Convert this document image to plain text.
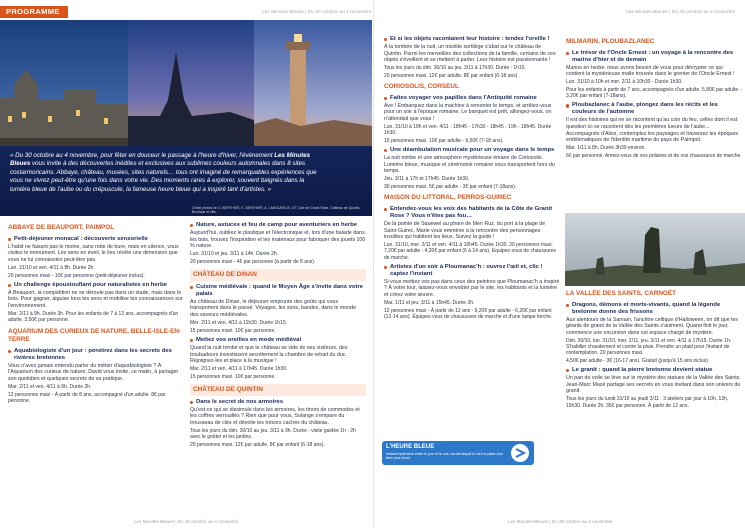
PROGRAMME	Les Minutes Bleues | Du 30 octobre au 4 novembre
« Du 30 octobre au 4 novembre, pour fêter en douceur le passage à l'heure d'hiver, l'événement Les Minutes Bleues vous invite à des découvertes inédites et exclusives aux sublimes couleurs automnales dans 8 sites costarmoricains. Abbaye, château, musées, sites naturels… tous ont imaginé de remarquables expériences que vous ne vivrez peut-être qu'une fois dans votre vie. Des moments rares à explorer, souvent baignés dans la lumière bleue de l'aube ou du crépuscule, la fameuse heure bleue qui a inspiré tant d'artistes. »
Crédit photos de G. BERTHIER, E. BERTHIER, A. LAMOUREUX, OT Côte de Granit Rose, Château de Quintin, Boutique et ville
ABBAYE DE BEAUPORT, PAIMPOL
Petit-déjeuner monacal : découverte sensorielle
L'habit ne faisant pas le moine, sans robe de bure, mais en silence, vous visitez le monument. Les sens en éveil, le lieu révèle une dimension que vous ne lui connaissiez peut-être pas.
Lun. 31/10 et ven. 4/11 à 8h. Durée 2h.
20 personnes maxi - 10€ par personne (petit-déjeuner inclus).
Un challenge époustouflant pour naturalistes en herbe
À Beauport, la compétition ne se déroule pas dans un stade, mais dans le bois. Pour gagner, aiguise tous tes sens et mobilise tes connaissances sur l'environnement.
Mar. 2/11 à 9h. Durée 3h. Pour les enfants de 7 à 12 ans, accompagnés d'un adulte. 3,50€ par personne.
AQUARIUM DES CURIEUX DE NATURE, BELLE-ISLE-EN-TERRE
Aquabiologiste d'un jour : pénétrez dans les secrets des rivières bretonnes
Vous n'avez jamais entendu parler du métier d'aquabiologiste ? À l'Aquarium des curieux de nature, David vous invite, ce matin, à partager son quotidien et quelques secrets de sa pratique.
Mar. 2/11 et ven. 4/11 à 9h. Durée 2h.
12 personnes maxi - À partir de 8 ans, accompagné d'un adulte. 8€ par personne.
Nature, astuces et feu de camp pour aventuriers en herbe
Aujourd'hui, oubliez le plastique et l'électronique et, lors d'une balade dans les bois, trouvez l'inspiration et les matériaux pour fabriquer des jouets 100 % nature.
Lun. 31/10 et jeu. 3/11 à 14h. Durée 2h.
20 personnes maxi - 4€ par personne (à partir de 8 ans).
CHÂTEAU DE DINAN
Cuisine médiévale : quand le Moyen Âge s'invite dans votre palais
Au château de Dinan, le déjeuner emprunte des goûts qui vous transportent dans le passé. Voyages, les sons, bandes, dans le monde des saveurs médiévales.
Mer. 2/11 et ven. 4/11 à 11h30. Durée 1h15.
15 personnes maxi. 10€ par personne.
Mettez vos oreilles en mode médiéval
Quand la nuit tombe et que le château se vide de ses visiteurs, des troubadours investissent secrètement la chambre de retrait du duc. Rejoignez-les et place à la musique !
Mar. 2/11 et ven. 4/11 à 17h45. Durée 1h30.
15 personnes maxi. 10€ par personne.
CHÂTEAU DE QUINTIN
Dans le secret de nos armoires
Qu'est-ce qui se dissimule dans les armoires, les tiroirs de commodes et les coffres verrouillés ? Rien que pour vous, Solange s'empare du trousseau de clés et dévoile les trésors cachés du château.
Tous les jours du dim. 30/10 au jeu. 3/11 à 9h. Durée : visite guidée 1h - 2h avec le goûter et les jardins.
20 personnes maxi. 12€ par adulte, 8€ par enfant (6-18 ans).
Les Minutes Bleues | Du 30 octobre au 4 novembre
Les Minutes Bleues | Du 30 octobre au 4 novembre
Et si les objets racontaient leur histoire : tendez l'oreille !
À la tombée de la nuit, un insolite sortilège s'abat sur le château de Quintin. Parmi les merveilles des collections de la famille, certains de ces objets s'éveillent et se mettent à parler. Leur histoire est passionnante !
Tous les jours du dim. 30/10 au jeu. 3/11 à 17h30. Durée : 1h15.
20 personnes maxi. 12€ par adulte. 8€ par enfant (6-18 ans).
CORIOSOLIS, CORSEUL
Faites voyager vos papilles dans l'Antiquité romaine
Ave ! Embarquez dans la machine à remonter le temps, et arrêtez-vous pour un soir à l'époque romaine. Le banquet est prêt, allongez-vous, on n'attendait que vous !
Lun. 31/10 à 18h et ven. 4/11 - 18h45 - 17h30 - 18h45 - 19h - 18h45. Durée 1h30.
15 personnes maxi. 10€ par adulte - 6,50€ (7-18 ans).
Une déambulation musicale pour un voyage dans le temps
La nuit tombe et une atmosphère mystérieuse émane de Coriosolis. Lumière bleue, musique et cérémonie romaine vous transportent hors du temps.
Jeu. 3/11 à 17h et 17h45. Durée 1h30.
30 personnes maxi. 5€ par adulte - 3€ par enfant (7-18ans).
MAISON DU LITTORAL, PERROS-GUIREC
Entendez-vous les voix des habitants de la Côte de Granit Rose ? Vous n'êtes pas fou…
De la pointe de Squewel au phare de Men Ruz, du port à la plage de Saint-Guirec, Marie vous emmène à la rencontre des personnages insolites qui habitent les lieux. Suivez la guide !
Lun. 31/10, mer. 2/11 et ven. 4/11 à 16h45. Durée 1h30. 20 personnes maxi. 7,20€ par adulte - 4,20€ par enfant (6 à 14 ans). Équipez-vous de chaussures de marche.
Artistes d'un soir à Ploumanac'h : ouvrez l'œil et, clic ! captez l'instant
Si vous mettiez vos pas dans ceux des peintres que Ploumanac'h a inspiré ? À votre tour, laissez-vous envoûter par le site, les habitants et la lumière et créez votre œuvre.
Mar. 1/11 et jeu. 3/11 à 15h45. Durée 2h.
12 personnes maxi - À partir de 12 ans - 9,20€ par adulte - 6,20€ par enfant (12-14 ans). Équipez-vous de chaussures de marche et d'une lampe torche.
L'HEURE BLEUE
Instant éphémère entre le jour et la nuit, durant lequel le ciel ne parle d'un bleu plus foncé.
MILMARIN, PLOUBAZLANEC
Le trésor de l'Oncle Ernest : un voyage à la rencontre des marins d'hier et de demain
Marins en herbe, nous avons besoin de vous pour décrypter ce qui contient la mystérieuse malle trouvée dans le grenier de l'Oncle Ernest !
Lun. 31/10 à 10h et mer. 2/11 à 10h30 - Durée 1h30.
Pour les enfants à partir de 7 ans, accompagnés d'un adulte. 5,80€ par adulte - 3,20€ par enfant (7-18ans).
Ploubazlanec à l'aube, plongez dans les récits et les couleurs de l'automne
Il est des histoires qui ne se racontent qu'au coin du feu, celles dont il est question ici se racontent dès les premières lueurs de l'aube... Accompagnés d'Alice, contemplez les paysages et traversez les époques emblématiques de l'identité maritime du pays de Paimpol.
Mar. 1/11 à 8h. Durée 3h30 environ.
6€ par personne. Armez-vous de vos polaires et de vos chaussures de marche.
LA VALLÉE DES SAINTS, CARNOËT
Dragons, démons et morts-vivants, quand la légende bretonne donne des frissons
Aux alentours de la Samain, l'ancêtre celtique d'Halloween, on dit que les géants de granit de la Vallée des Saints s'animent. Quand finit le jour, commence une excursion dans cet espace chargé de mystère.
Dim. 30/10, lun. 31/10, mer. 2/11, jeu. 3/11 et ven. 4/11 à 17h15. Durée 1h. S'habiller chaudement et contre la pluie. Prendre un plaid pour l'instant de contemplation. 20 personnes maxi.
4,50€ par adulte - 3€ (16-17 ans). Gratuit (jusqu'à 15 ans inclus)
Le granit : quand la pierre bretonne devient statue
Un pan du voile se lève sur le mystère des statues de la Vallée des Saints. Jean-Marc Mazé partage ses secrets en vous invitant dans son univers de granit.
Tous les jours du lundi 31/10 au jeudi 3/11 : 3 ateliers par jour à 10h, 13h, 15h30. Durée 2h. 35€ par personne. À partir de 12 ans.
Les Minutes Bleues | Du 30 octobre au 4 novembre
